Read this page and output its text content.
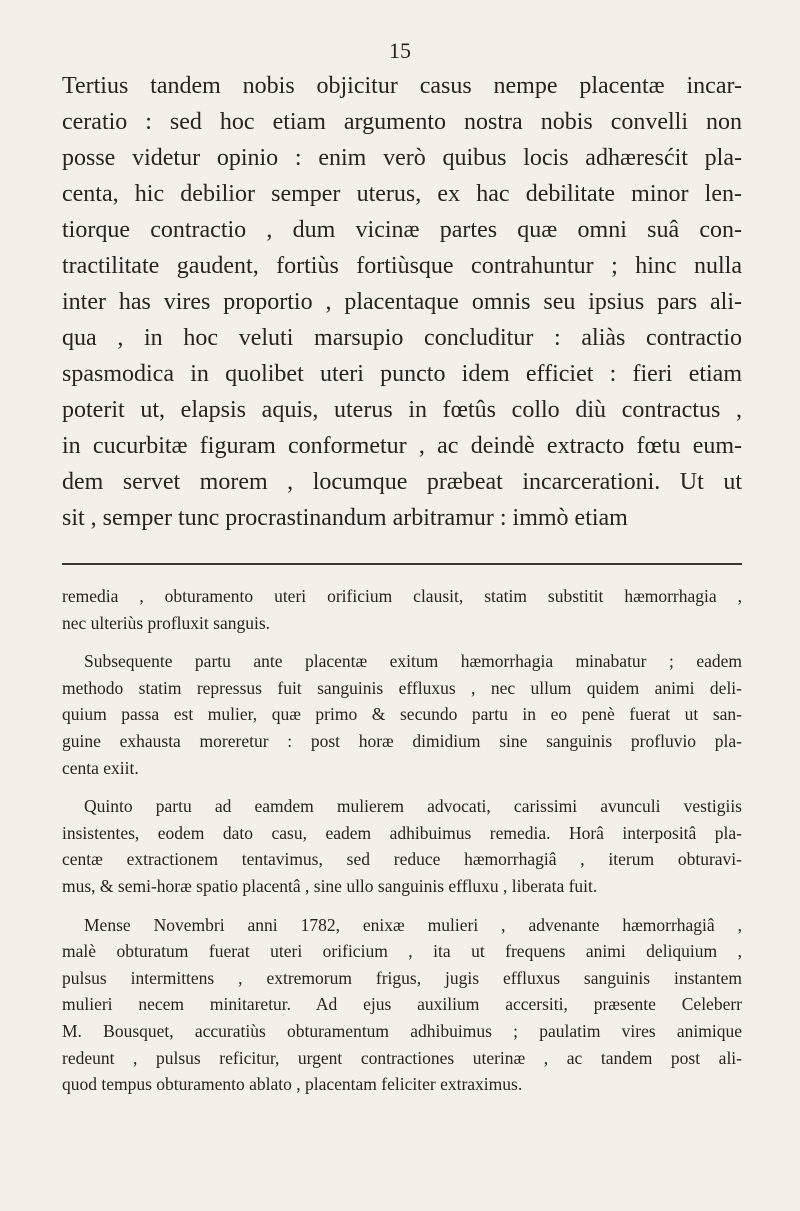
15
Tertius tandem nobis objicitur casus nempe placentæ incar-
ceratio : sed hoc etiam argumento nostra nobis convelli non
posse videtur opinio : enim verò quibus locis adhæresćit pla-
centa, hic debilior semper uterus, ex hac debilitate minor len-
tiorque contractio , dum vicinæ partes quæ omni suâ con-
tractilitate gaudent, fortiùs fortiùsque contrahuntur ; hinc nulla
inter has vires proportio , placentaque omnis seu ipsius pars ali-
qua , in hoc veluti marsupio concluditur : aliàs contractio
spasmodica in quolibet uteri puncto idem efficiet : fieri etiam
poterit ut, elapsis aquis, uterus in fœtûs collo diù contractus ,
in cucurbitæ figuram conformetur , ac deindè extracto fœtu eum-
dem servet morem , locumque præbeat incarcerationi. Ut ut
sit , semper tunc procrastinandum arbitramur : immò etiam
remedia , obturamento uteri orificium clausit, statim substitit hæmorrhagia ,
nec ulteriùs profluxit sanguis.
Subsequente partu ante placentæ exitum hæmorrhagia minabatur ; eadem
methodo statim repressus fuit sanguinis effluxus , nec ullum quidem animi deli-
quium passa est mulier, quæ primo & secundo partu in eo penè fuerat ut san-
guine exhausta moreretur : post horæ dimidium sine sanguinis profluvio pla-
centa exiit.
Quinto partu ad eamdem mulierem advocati, carissimi avunculi vestigiis
insistentes, eodem dato casu, eadem adhibuimus remedia. Horâ interpositâ pla-
centæ extractionem tentavimus, sed reduce hæmorrhagiâ , iterum obturavi-
mus, & semi-horæ spatio placentâ , sine ullo sanguinis effluxu , liberata fuit.
Mense Novembri anni 1782, enixæ mulieri , advenante hæmorrhagiâ ,
malè obturatum fuerat uteri orificium , ita ut frequens animi deliquium ,
pulsus intermittens , extremorum frigus, jugis effluxus sanguinis instantem
mulieri necem minitaretur. Ad ejus auxilium accersiti, præsente Celeberr
M. Bousquet, accuratiùs obturamentum adhibuimus ; paulatim vires animique
redeunt , pulsus reficitur, urgent contractiones uterinæ , ac tandem post ali-
quod tempus obturamento ablato , placentam feliciter extraximus.
